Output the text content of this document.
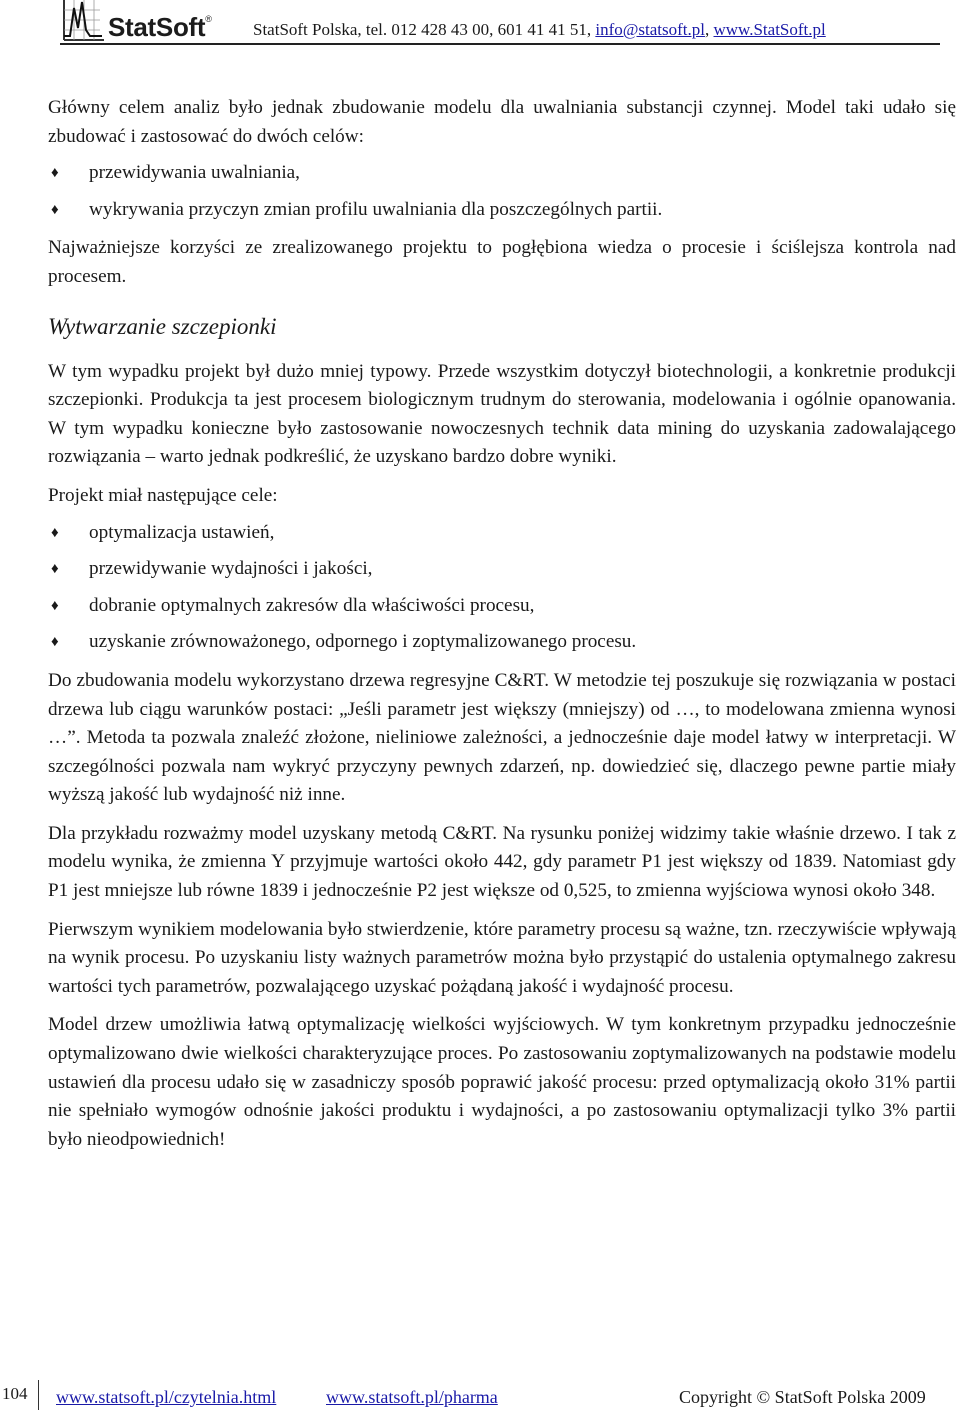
StatSoft®
StatSoft Polska, tel. 012 428 43 00, 601 41 41 51, info@statsoft.pl, www.StatSoft.pl

Główny celem analiz było jednak zbudowanie modelu dla uwalniania substancji czynnej. Model taki udało się zbudować i zastosować do dwóch celów:

♦ przewidywania uwalniania,
♦ wykrywania przyczyn zmian profilu uwalniania dla poszczególnych partii.

Najważniejsze korzyści ze zrealizowanego projektu to pogłębiona wiedza o procesie i ściślejsza kontrola nad procesem.

Wytwarzanie szczepionki

W tym wypadku projekt był dużo mniej typowy. Przede wszystkim dotyczył biotechnologii, a konkretnie produkcji szczepionki. Produkcja ta jest procesem biologicznym trudnym do sterowania, modelowania i ogólnie opanowania. W tym wypadku konieczne było zastosowanie nowoczesnych technik data mining do uzyskania zadowalającego rozwiązania – warto jednak podkreślić, że uzyskano bardzo dobre wyniki.

Projekt miał następujące cele:

♦ optymalizacja ustawień,
♦ przewidywanie wydajności i jakości,
♦ dobranie optymalnych zakresów dla właściwości procesu,
♦ uzyskanie zrównoważonego, odpornego i zoptymalizowanego procesu.

Do zbudowania modelu wykorzystano drzewa regresyjne C&RT. W metodzie tej poszukuje się rozwiązania w postaci drzewa lub ciągu warunków postaci: „Jeśli parametr jest większy (mniejszy) od …, to modelowana zmienna wynosi …”. Metoda ta pozwala znaleźć złożone, nieliniowe zależności, a jednocześnie daje model łatwy w interpretacji. W szczególności pozwala nam wykryć przyczyny pewnych zdarzeń, np. dowiedzieć się, dlaczego pewne partie miały wyższą jakość lub wydajność niż inne.

Dla przykładu rozważmy model uzyskany metodą C&RT. Na rysunku poniżej widzimy takie właśnie drzewo. I tak z modelu wynika, że zmienna Y przyjmuje wartości około 442, gdy parametr P1 jest większy od 1839. Natomiast gdy P1 jest mniejsze lub równe 1839 i jednocześnie P2 jest większe od 0,525, to zmienna wyjściowa wynosi około 348.

Pierwszym wynikiem modelowania było stwierdzenie, które parametry procesu są ważne, tzn. rzeczywiście wpływają na wynik procesu. Po uzyskaniu listy ważnych parametrów można było przystąpić do ustalenia optymalnego zakresu wartości tych parametrów, pozwalającego uzyskać pożądaną jakość i wydajność procesu.

Model drzew umożliwia łatwą optymalizację wielkości wyjściowych. W tym konkretnym przypadku jednocześnie optymalizowano dwie wielkości charakteryzujące proces. Po zastosowaniu zoptymalizowanych na podstawie modelu ustawień dla procesu udało się w zasadniczy sposób poprawić jakość procesu: przed optymalizacją około 31% partii nie spełniało wymogów odnośnie jakości produktu i wydajności, a po zastosowaniu optymalizacji tylko 3% partii było nieodpowiednich!

104 www.statsoft.pl/czytelnia.html	www.statsoft.pl/pharma	Copyright © StatSoft Polska 2009
